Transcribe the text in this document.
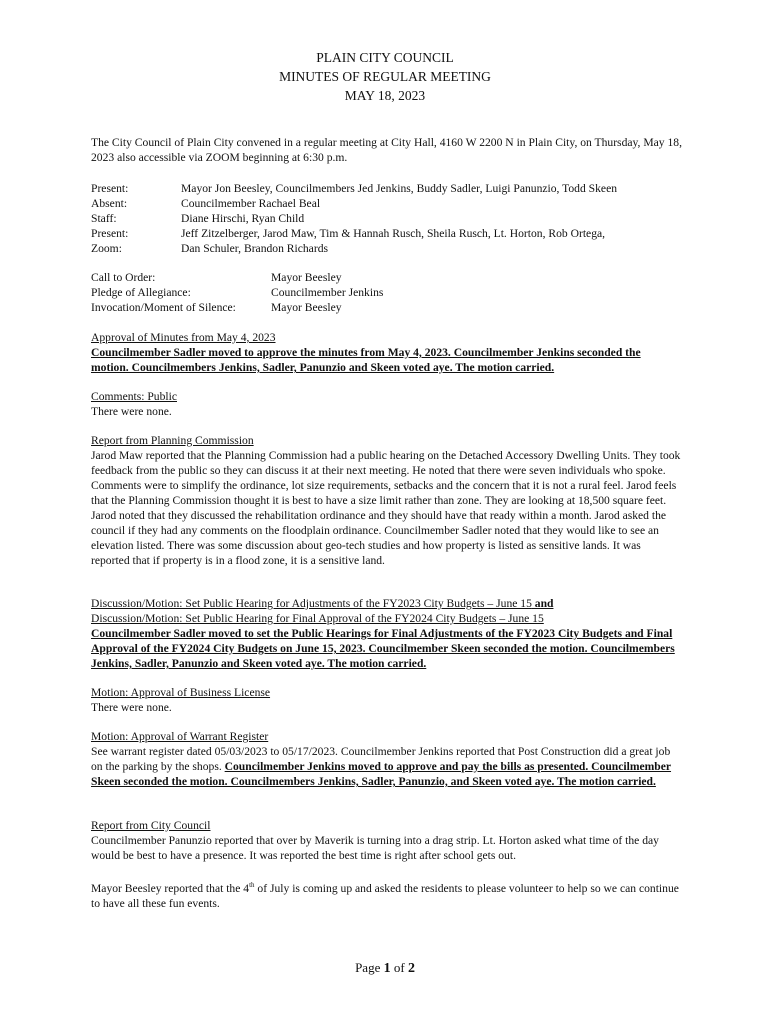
PLAIN CITY COUNCIL
MINUTES OF REGULAR MEETING
MAY 18, 2023

The City Council of Plain City convened in a regular meeting at City Hall, 4160 W 2200 N in Plain City, on Thursday, May 18, 2023 also accessible via ZOOM beginning at 6:30 p.m.

Present:	Mayor Jon Beesley, Councilmembers Jed Jenkins, Buddy Sadler, Luigi Panunzio, Todd Skeen
Absent:	Councilmember Rachael Beal
Staff:	Diane Hirschi, Ryan Child
Present:	Jeff Zitzelberger, Jarod Maw, Tim & Hannah Rusch, Sheila Rusch, Lt. Horton, Rob Ortega,
Zoom:	Dan Schuler, Brandon Richards
Call to Order:	Mayor Beesley
Pledge of Allegiance:	Councilmember Jenkins
Invocation/Moment of Silence:	Mayor Beesley

Approval of Minutes from May 4, 2023

Councilmember Sadler moved to approve the minutes from May 4, 2023. Councilmember Jenkins seconded the motion. Councilmembers Jenkins, Sadler, Panunzio and Skeen voted aye. The motion carried.

Comments: Public

There were none.

Report from Planning Commission

Jarod Maw reported that the Planning Commission had a public hearing on the Detached Accessory Dwelling Units. They took feedback from the public so they can discuss it at their next meeting. He noted that there were seven individuals who spoke. Comments were to simplify the ordinance, lot size requirements, setbacks and the concern that it is not a rural feel. Jarod feels that the Planning Commission thought it is best to have a size limit rather than zone. They are looking at 18,500 square feet. Jarod noted that they discussed the rehabilitation ordinance and they should have that ready within a month. Jarod asked the council if they had any comments on the floodplain ordinance. Councilmember Sadler noted that they would like to see an elevation listed. There was some discussion about geo-tech studies and how property is listed as sensitive lands. It was reported that if property is in a flood zone, it is a sensitive land.

Discussion/Motion: Set Public Hearing for Adjustments of the FY2023 City Budgets – June 15 and

Discussion/Motion: Set Public Hearing for Final Approval of the FY2024 City Budgets – June 15

Councilmember Sadler moved to set the Public Hearings for Final Adjustments of the FY2023 City Budgets and Final Approval of the FY2024 City Budgets on June 15, 2023. Councilmember Skeen seconded the motion. Councilmembers Jenkins, Sadler, Panunzio and Skeen voted aye. The motion carried.

Motion: Approval of Business License

There were none.

Motion: Approval of Warrant Register

See warrant register dated 05/03/2023 to 05/17/2023. Councilmember Jenkins reported that Post Construction did a great job on the parking by the shops. Councilmember Jenkins moved to approve and pay the bills as presented. Councilmember Skeen seconded the motion. Councilmembers Jenkins, Sadler, Panunzio, and Skeen voted aye. The motion carried.

Report from City Council

Councilmember Panunzio reported that over by Maverik is turning into a drag strip. Lt. Horton asked what time of the day would be best to have a presence. It was reported the best time is right after school gets out.

Mayor Beesley reported that the 4th of July is coming up and asked the residents to please volunteer to help so we can continue to have all these fun events.

Page 1 of 2
